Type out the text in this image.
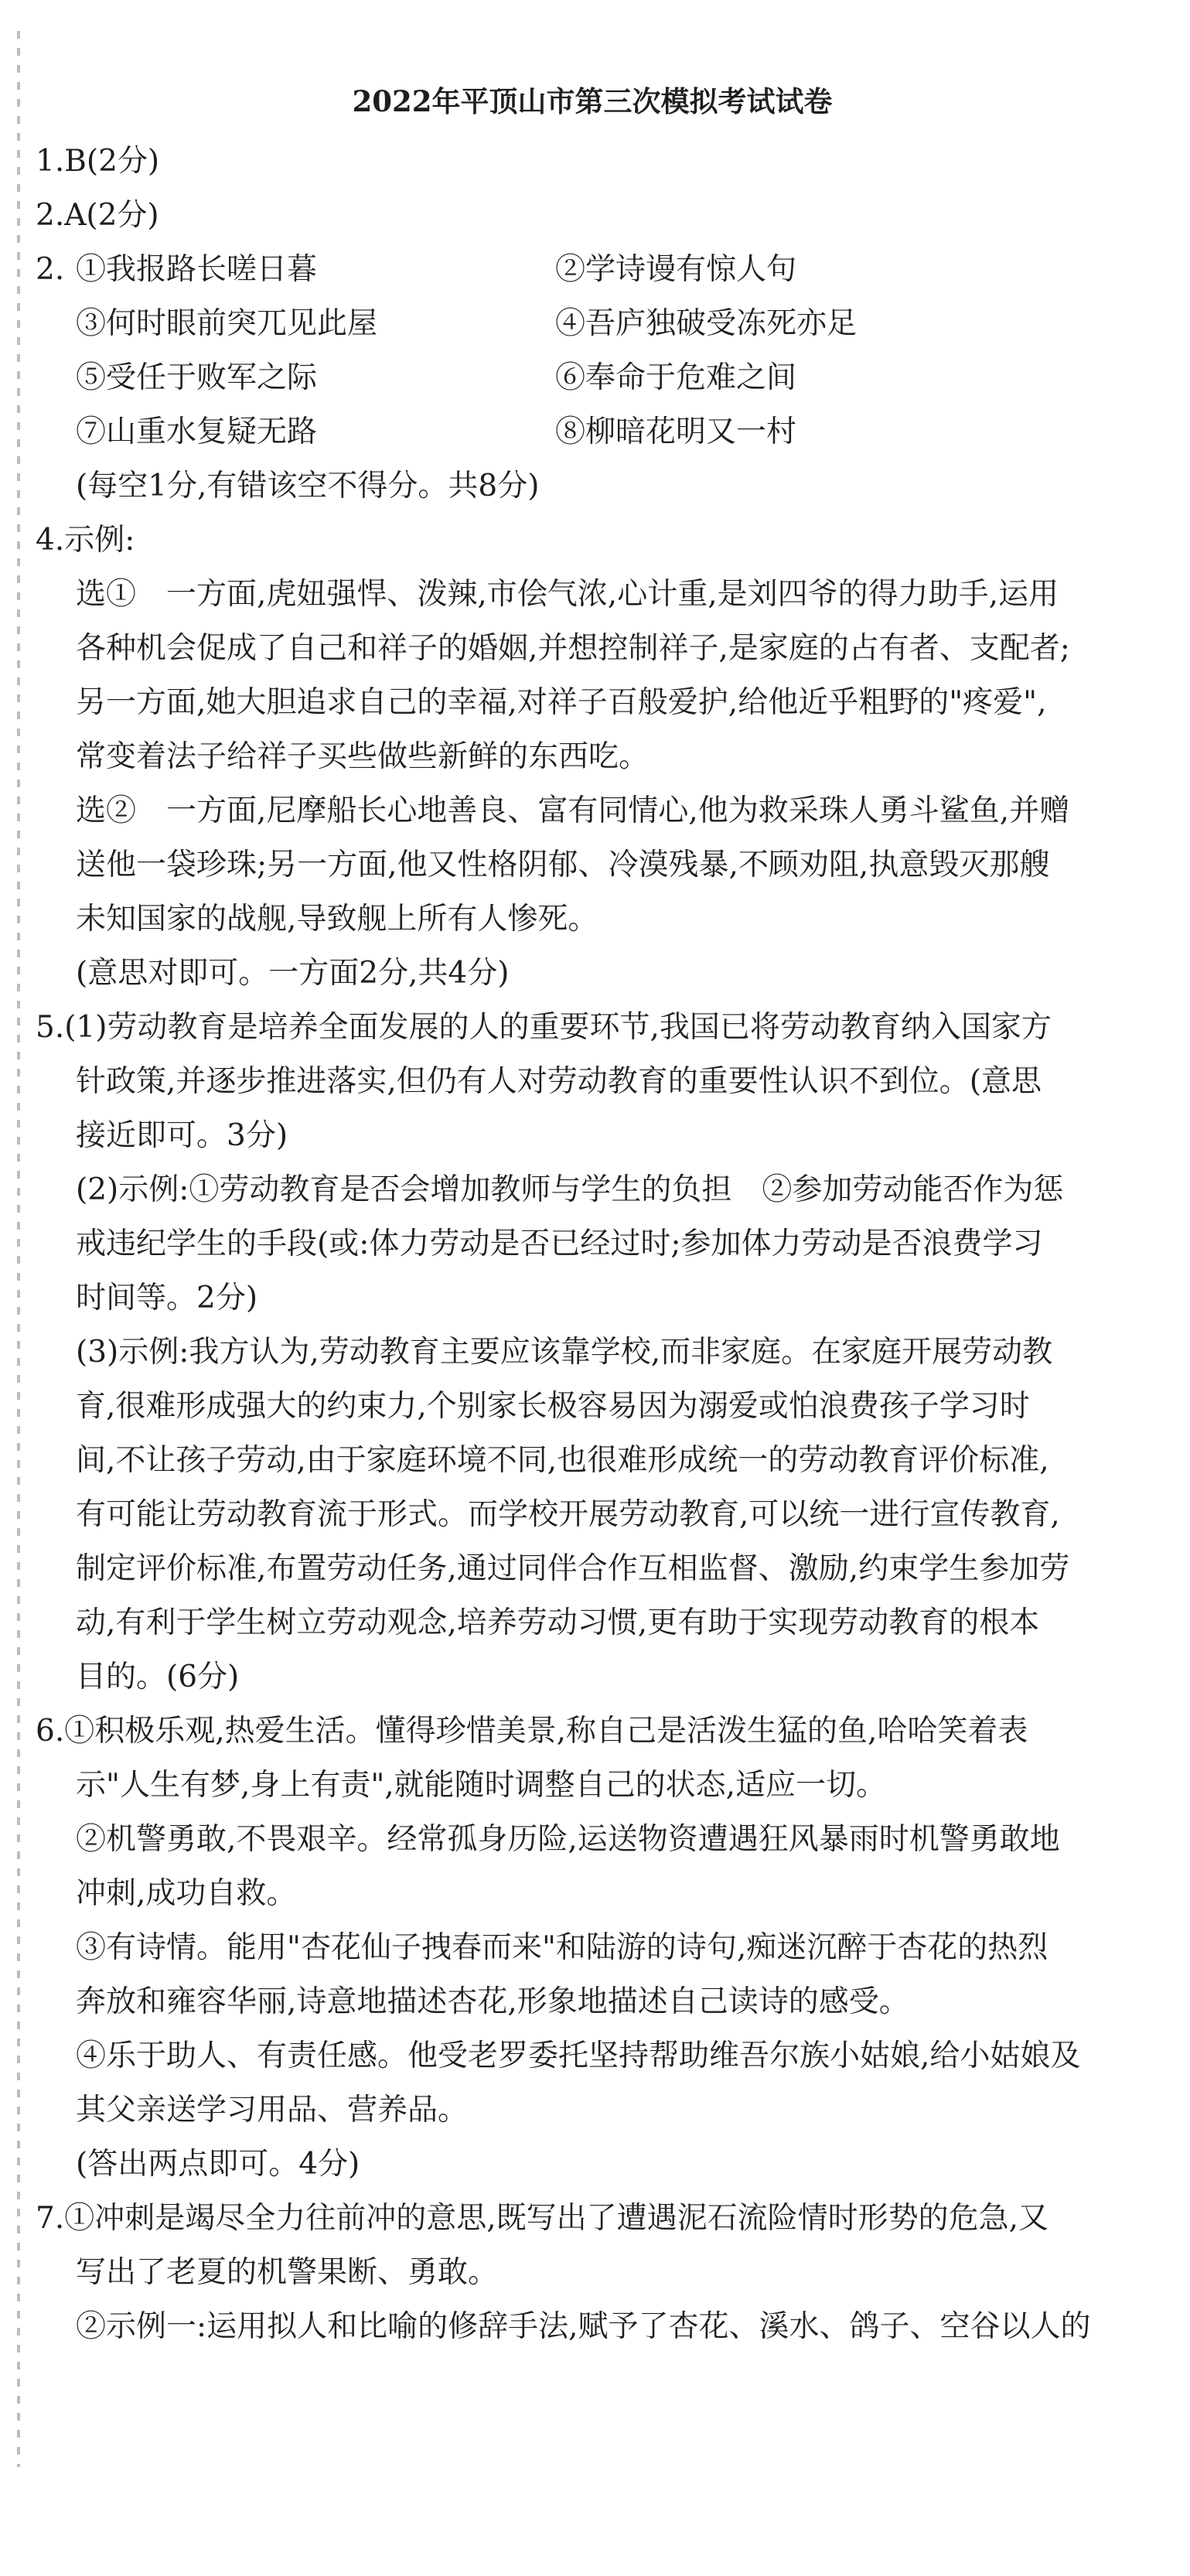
2022年平顶山市第三次模拟考试试卷
1.B(2分)
2.A(2分)
2. ①我报路长嗟日暮	②学诗谩有惊人句
③何时眼前突兀见此屋	④吾庐独破受冻死亦足
⑤受任于败军之际	⑥奉命于危难之间
⑦山重水复疑无路	⑧柳暗花明又一村
(每空1分,有错该空不得分。共8分)
4.示例:
选①　一方面,虎妞强悍、泼辣,市侩气浓,心计重,是刘四爷的得力助手,运用
各种机会促成了自己和祥子的婚姻,并想控制祥子,是家庭的占有者、支配者;
另一方面,她大胆追求自己的幸福,对祥子百般爱护,给他近乎粗野的"疼爱",
常变着法子给祥子买些做些新鲜的东西吃。
选②　一方面,尼摩船长心地善良、富有同情心,他为救采珠人勇斗鲨鱼,并赠
送他一袋珍珠;另一方面,他又性格阴郁、冷漠残暴,不顾劝阻,执意毁灭那艘
未知国家的战舰,导致舰上所有人惨死。
(意思对即可。一方面2分,共4分)
5.(1)劳动教育是培养全面发展的人的重要环节,我国已将劳动教育纳入国家方
针政策,并逐步推进落实,但仍有人对劳动教育的重要性认识不到位。(意思
接近即可。3分)
(2)示例:①劳动教育是否会增加教师与学生的负担　②参加劳动能否作为惩
戒违纪学生的手段(或:体力劳动是否已经过时;参加体力劳动是否浪费学习
时间等。2分)
(3)示例:我方认为,劳动教育主要应该靠学校,而非家庭。在家庭开展劳动教
育,很难形成强大的约束力,个别家长极容易因为溺爱或怕浪费孩子学习时
间,不让孩子劳动,由于家庭环境不同,也很难形成统一的劳动教育评价标准,
有可能让劳动教育流于形式。而学校开展劳动教育,可以统一进行宣传教育,
制定评价标准,布置劳动任务,通过同伴合作互相监督、激励,约束学生参加劳
动,有利于学生树立劳动观念,培养劳动习惯,更有助于实现劳动教育的根本
目的。(6分)
6.①积极乐观,热爱生活。懂得珍惜美景,称自己是活泼生猛的鱼,哈哈笑着表
示"人生有梦,身上有责",就能随时调整自己的状态,适应一切。
②机警勇敢,不畏艰辛。经常孤身历险,运送物资遭遇狂风暴雨时机警勇敢地
冲刺,成功自救。
③有诗情。能用"杏花仙子拽春而来"和陆游的诗句,痴迷沉醉于杏花的热烈
奔放和雍容华丽,诗意地描述杏花,形象地描述自己读诗的感受。
④乐于助人、有责任感。他受老罗委托坚持帮助维吾尔族小姑娘,给小姑娘及
其父亲送学习用品、营养品。
(答出两点即可。4分)
7.①冲刺是竭尽全力往前冲的意思,既写出了遭遇泥石流险情时形势的危急,又
写出了老夏的机警果断、勇敢。
②示例一:运用拟人和比喻的修辞手法,赋予了杏花、溪水、鸽子、空谷以人的
